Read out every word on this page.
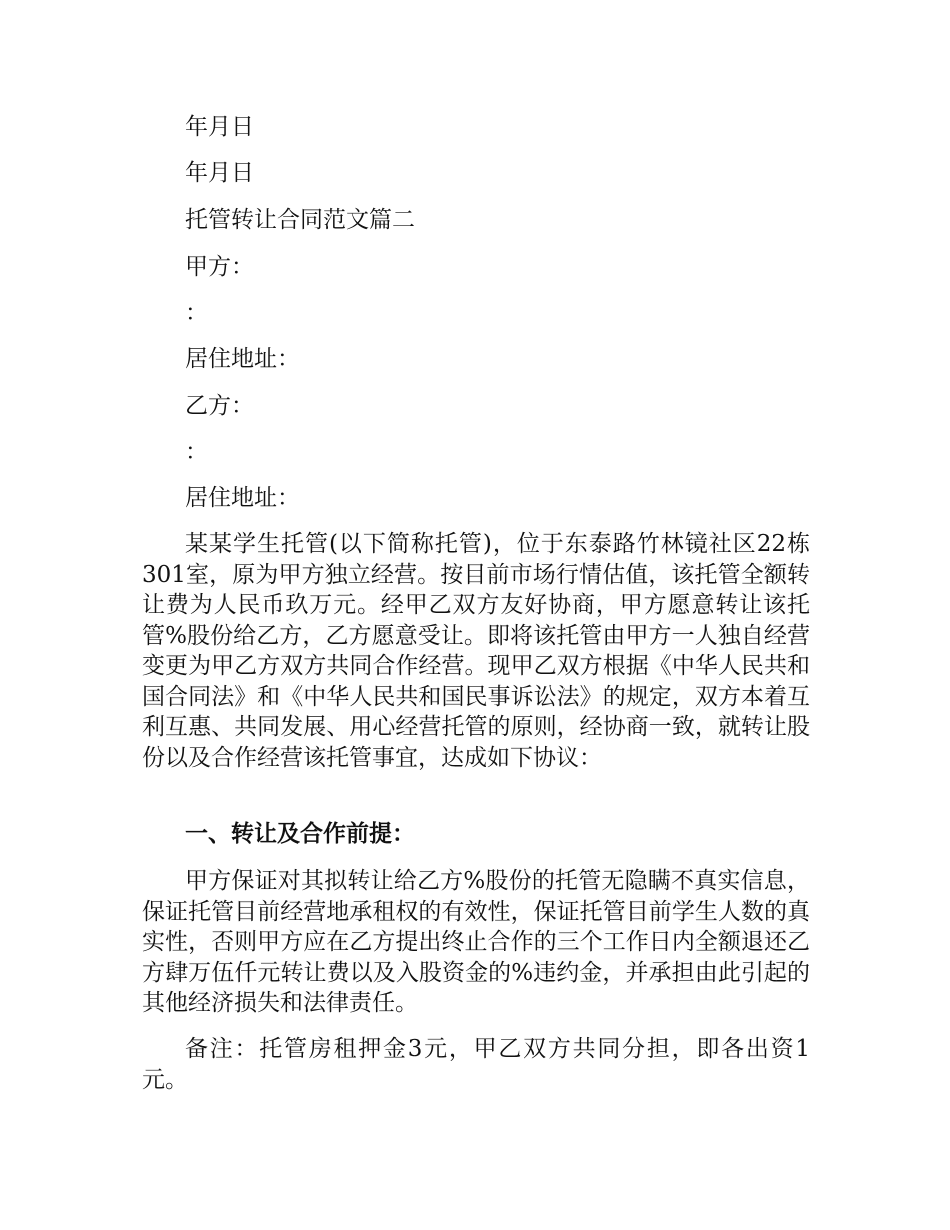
年月日
年月日
托管转让合同范文篇二
甲方：
：
居住地址：
乙方：
：
居住地址：

某某学生托管(以下简称托管)，位于东泰路竹林镜社区22栋301室，原为甲方独立经营。按目前市场行情估值，该托管全额转让费为人民币玖万元。经甲乙双方友好协商，甲方愿意转让该托管%股份给乙方，乙方愿意受让。即将该托管由甲方一人独自经营变更为甲乙方双方共同合作经营。现甲乙双方根据《中华人民共和国合同法》和《中华人民共和国民事诉讼法》的规定，双方本着互利互惠、共同发展、用心经营托管的原则，经协商一致，就转让股份以及合作经营该托管事宜，达成如下协议：

一、转让及合作前提：

甲方保证对其拟转让给乙方%股份的托管无隐瞒不真实信息，保证托管目前经营地承租权的有效性，保证托管目前学生人数的真实性，否则甲方应在乙方提出终止合作的三个工作日内全额退还乙方肆万伍仟元转让费以及入股资金的%违约金，并承担由此引起的其他经济损失和法律责任。

备注：托管房租押金3元，甲乙双方共同分担，即各出资1元。
